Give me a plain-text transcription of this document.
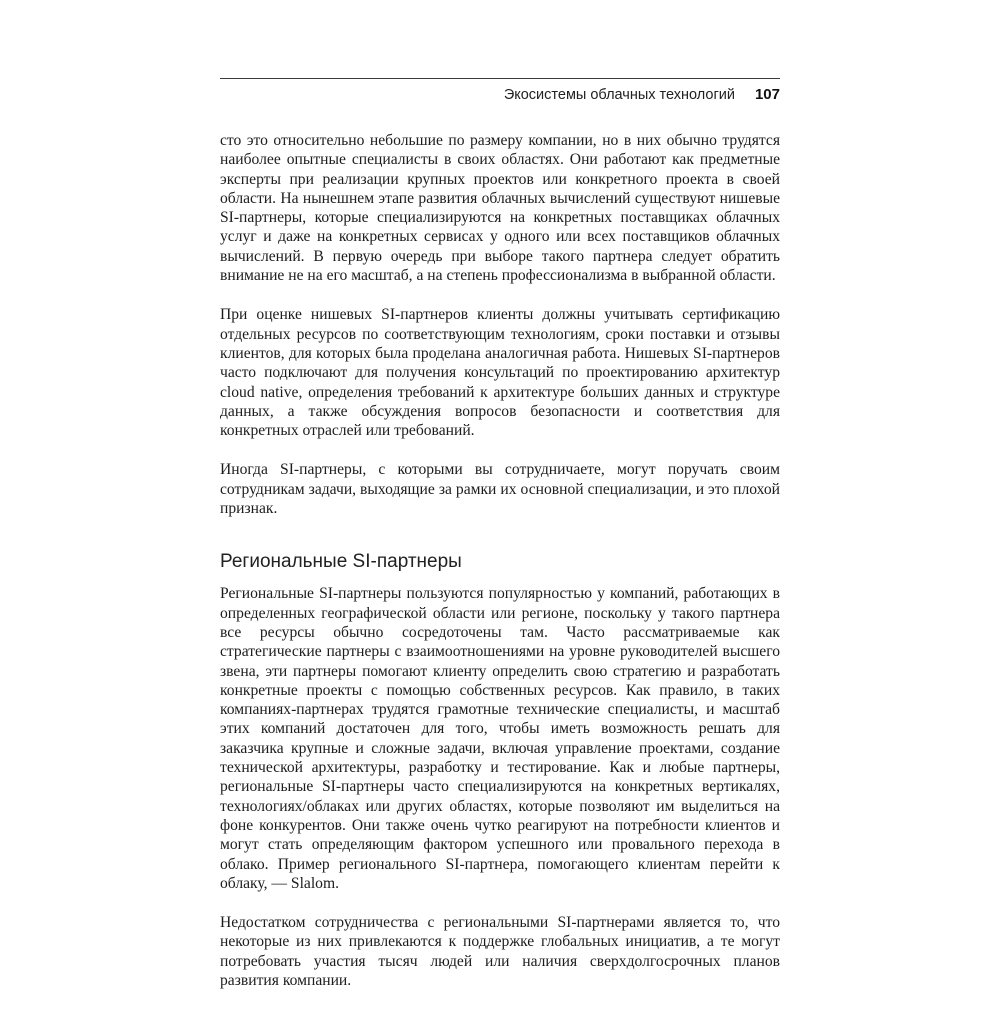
Экосистемы облачных технологий 107

сто это относительно небольшие по размеру компании, но в них обычно трудятся наиболее опытные специалисты в своих областях. Они работают как предметные эксперты при реализации крупных проектов или конкретного проекта в своей области. На нынешнем этапе развития облачных вычислений существуют нишевые SI-партнеры, которые специализируются на конкретных поставщиках облачных услуг и даже на конкретных сервисах у одного или всех поставщиков облачных вычислений. В первую очередь при выборе такого партнера следует обратить внимание не на его масштаб, а на степень профессионализма в выбранной области.

При оценке нишевых SI-партнеров клиенты должны учитывать сертификацию отдельных ресурсов по соответствующим технологиям, сроки поставки и отзывы клиентов, для которых была проделана аналогичная работа. Нишевых SI-партнеров часто подключают для получения консультаций по проектированию архитектур cloud native, определения требований к архитектуре больших данных и структуре данных, а также обсуждения вопросов безопасности и соответствия для конкретных отраслей или требований.

Иногда SI-партнеры, с которыми вы сотрудничаете, могут поручать своим сотрудникам задачи, выходящие за рамки их основной специализации, и это плохой признак.

Региональные SI-партнеры

Региональные SI-партнеры пользуются популярностью у компаний, работающих в определенных географической области или регионе, поскольку у такого партнера все ресурсы обычно сосредоточены там. Часто рассматриваемые как стратегические партнеры с взаимоотношениями на уровне руководителей высшего звена, эти партнеры помогают клиенту определить свою стратегию и разработать конкретные проекты с помощью собственных ресурсов. Как правило, в таких компаниях-партнерах трудятся грамотные технические специалисты, и масштаб этих компаний достаточен для того, чтобы иметь возможность решать для заказчика крупные и сложные задачи, включая управление проектами, создание технической архитектуры, разработку и тестирование. Как и любые партнеры, региональные SI-партнеры часто специализируются на конкретных вертикалях, технологиях/облаках или других областях, которые позволяют им выделиться на фоне конкурентов. Они также очень чутко реагируют на потребности клиентов и могут стать определяющим фактором успешного или провального перехода в облако. Пример регионального SI-партнера, помогающего клиентам перейти к облаку, — Slalom.

Недостатком сотрудничества с региональными SI-партнерами является то, что некоторые из них привлекаются к поддержке глобальных инициатив, а те могут потребовать участия тысяч людей или наличия сверхдолгосрочных планов развития компании.
